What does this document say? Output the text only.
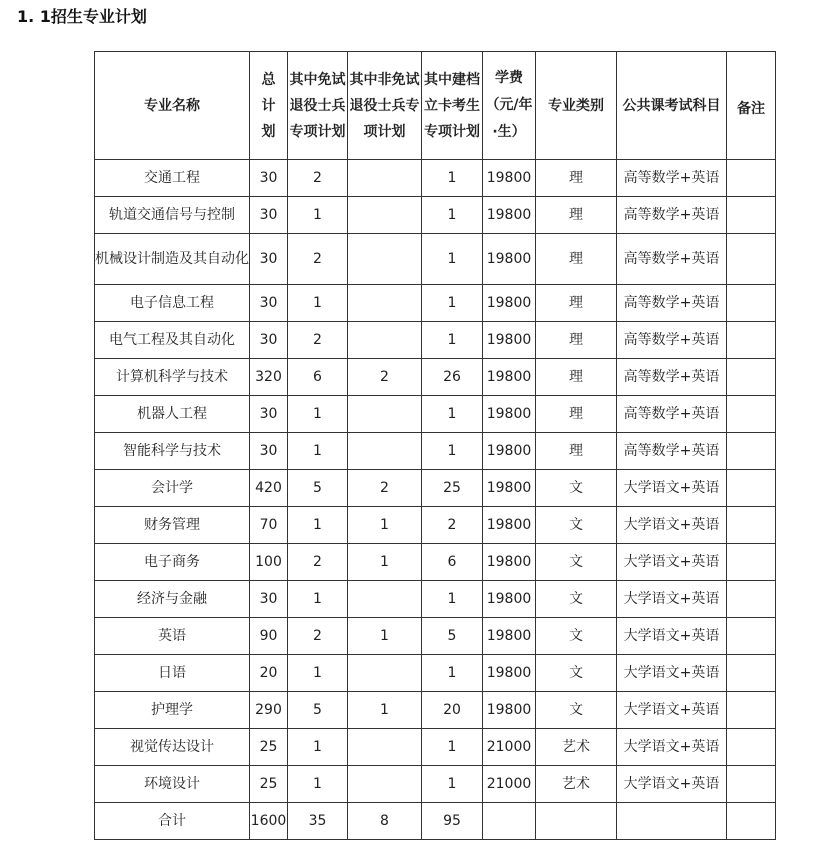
1. 1招生专业计划
专业名称	总计划	其中免试退役士兵专项计划	其中非免试退役士兵专项计划	其中建档立卡考生专项计划	学费（元/年·生）	专业类别	公共课考试科目	备注
交通工程	30	2		1	19800	理	高等数学+英语	
轨道交通信号与控制	30	1		1	19800	理	高等数学+英语	
机械设计制造及其自动化	30	2		1	19800	理	高等数学+英语	
电子信息工程	30	1		1	19800	理	高等数学+英语	
电气工程及其自动化	30	2		1	19800	理	高等数学+英语	
计算机科学与技术	320	6	2	26	19800	理	高等数学+英语	
机器人工程	30	1		1	19800	理	高等数学+英语	
智能科学与技术	30	1		1	19800	理	高等数学+英语	
会计学	420	5	2	25	19800	文	大学语文+英语	
财务管理	70	1	1	2	19800	文	大学语文+英语	
电子商务	100	2	1	6	19800	文	大学语文+英语	
经济与金融	30	1		1	19800	文	大学语文+英语	
英语	90	2	1	5	19800	文	大学语文+英语	
日语	20	1		1	19800	文	大学语文+英语	
护理学	290	5	1	20	19800	文	大学语文+英语	
视觉传达设计	25	1		1	21000	艺术	大学语文+英语	
环境设计	25	1		1	21000	艺术	大学语文+英语	
合计	1600	35	8	95				
